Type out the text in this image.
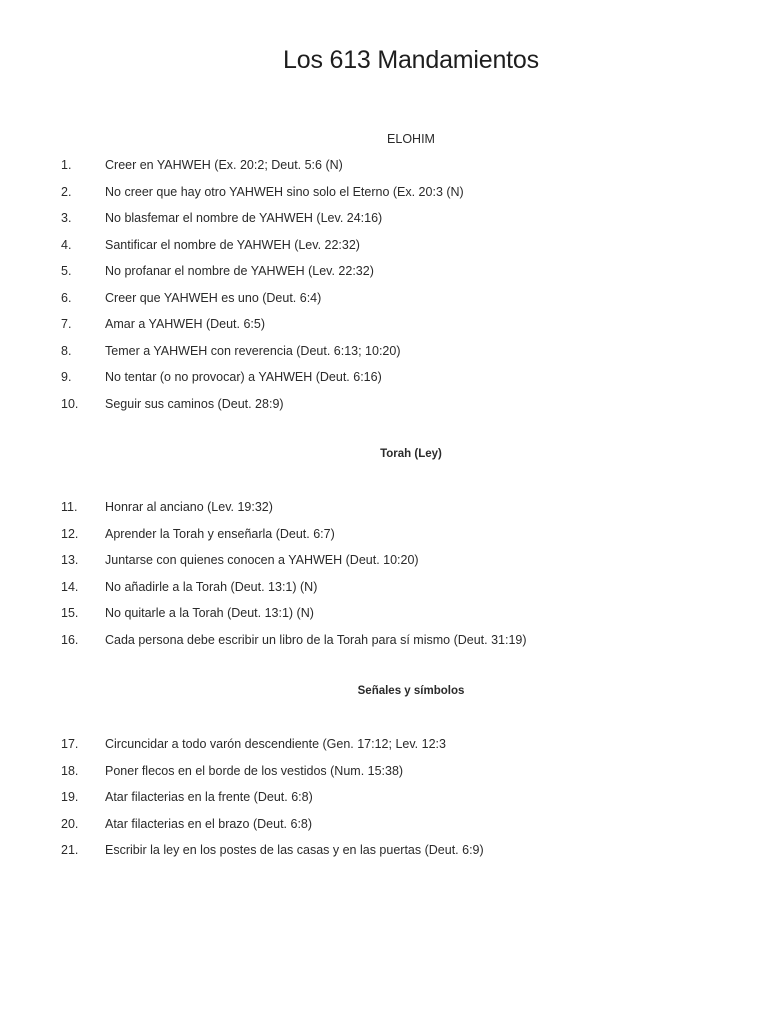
Los 613 Mandamientos
ELOHIM
1.	Creer en YAHWEH (Ex. 20:2; Deut. 5:6 (N)
2.	No creer que hay otro YAHWEH sino solo el Eterno (Ex. 20:3 (N)
3.	No blasfemar el nombre de YAHWEH (Lev. 24:16)
4.	Santificar el nombre de YAHWEH (Lev. 22:32)
5.	No profanar el nombre de YAHWEH (Lev. 22:32)
6.	Creer que YAHWEH es uno (Deut. 6:4)
7.	Amar a YAHWEH (Deut. 6:5)
8.	Temer a YAHWEH con reverencia (Deut. 6:13; 10:20)
9.	No tentar (o no provocar) a YAHWEH (Deut. 6:16)
10. Seguir sus caminos (Deut. 28:9)
Torah (Ley)
11. Honrar al anciano (Lev. 19:32)
12. Aprender la Torah y enseñarla (Deut. 6:7)
13. Juntarse con quienes conocen a YAHWEH (Deut. 10:20)
14. No añadirle a la Torah (Deut. 13:1) (N)
15. No quitarle a la Torah (Deut. 13:1) (N)
16. Cada persona debe escribir un libro de la Torah para sí mismo (Deut. 31:19)
Señales y símbolos
17. Circuncidar a todo varón descendiente (Gen. 17:12; Lev. 12:3
18. Poner flecos en el borde de los vestidos (Num. 15:38)
19. Atar filacterias en la frente (Deut. 6:8)
20. Atar filacterias en el brazo (Deut. 6:8)
21. Escribir la ley en los postes de las casas y en las puertas (Deut. 6:9)
